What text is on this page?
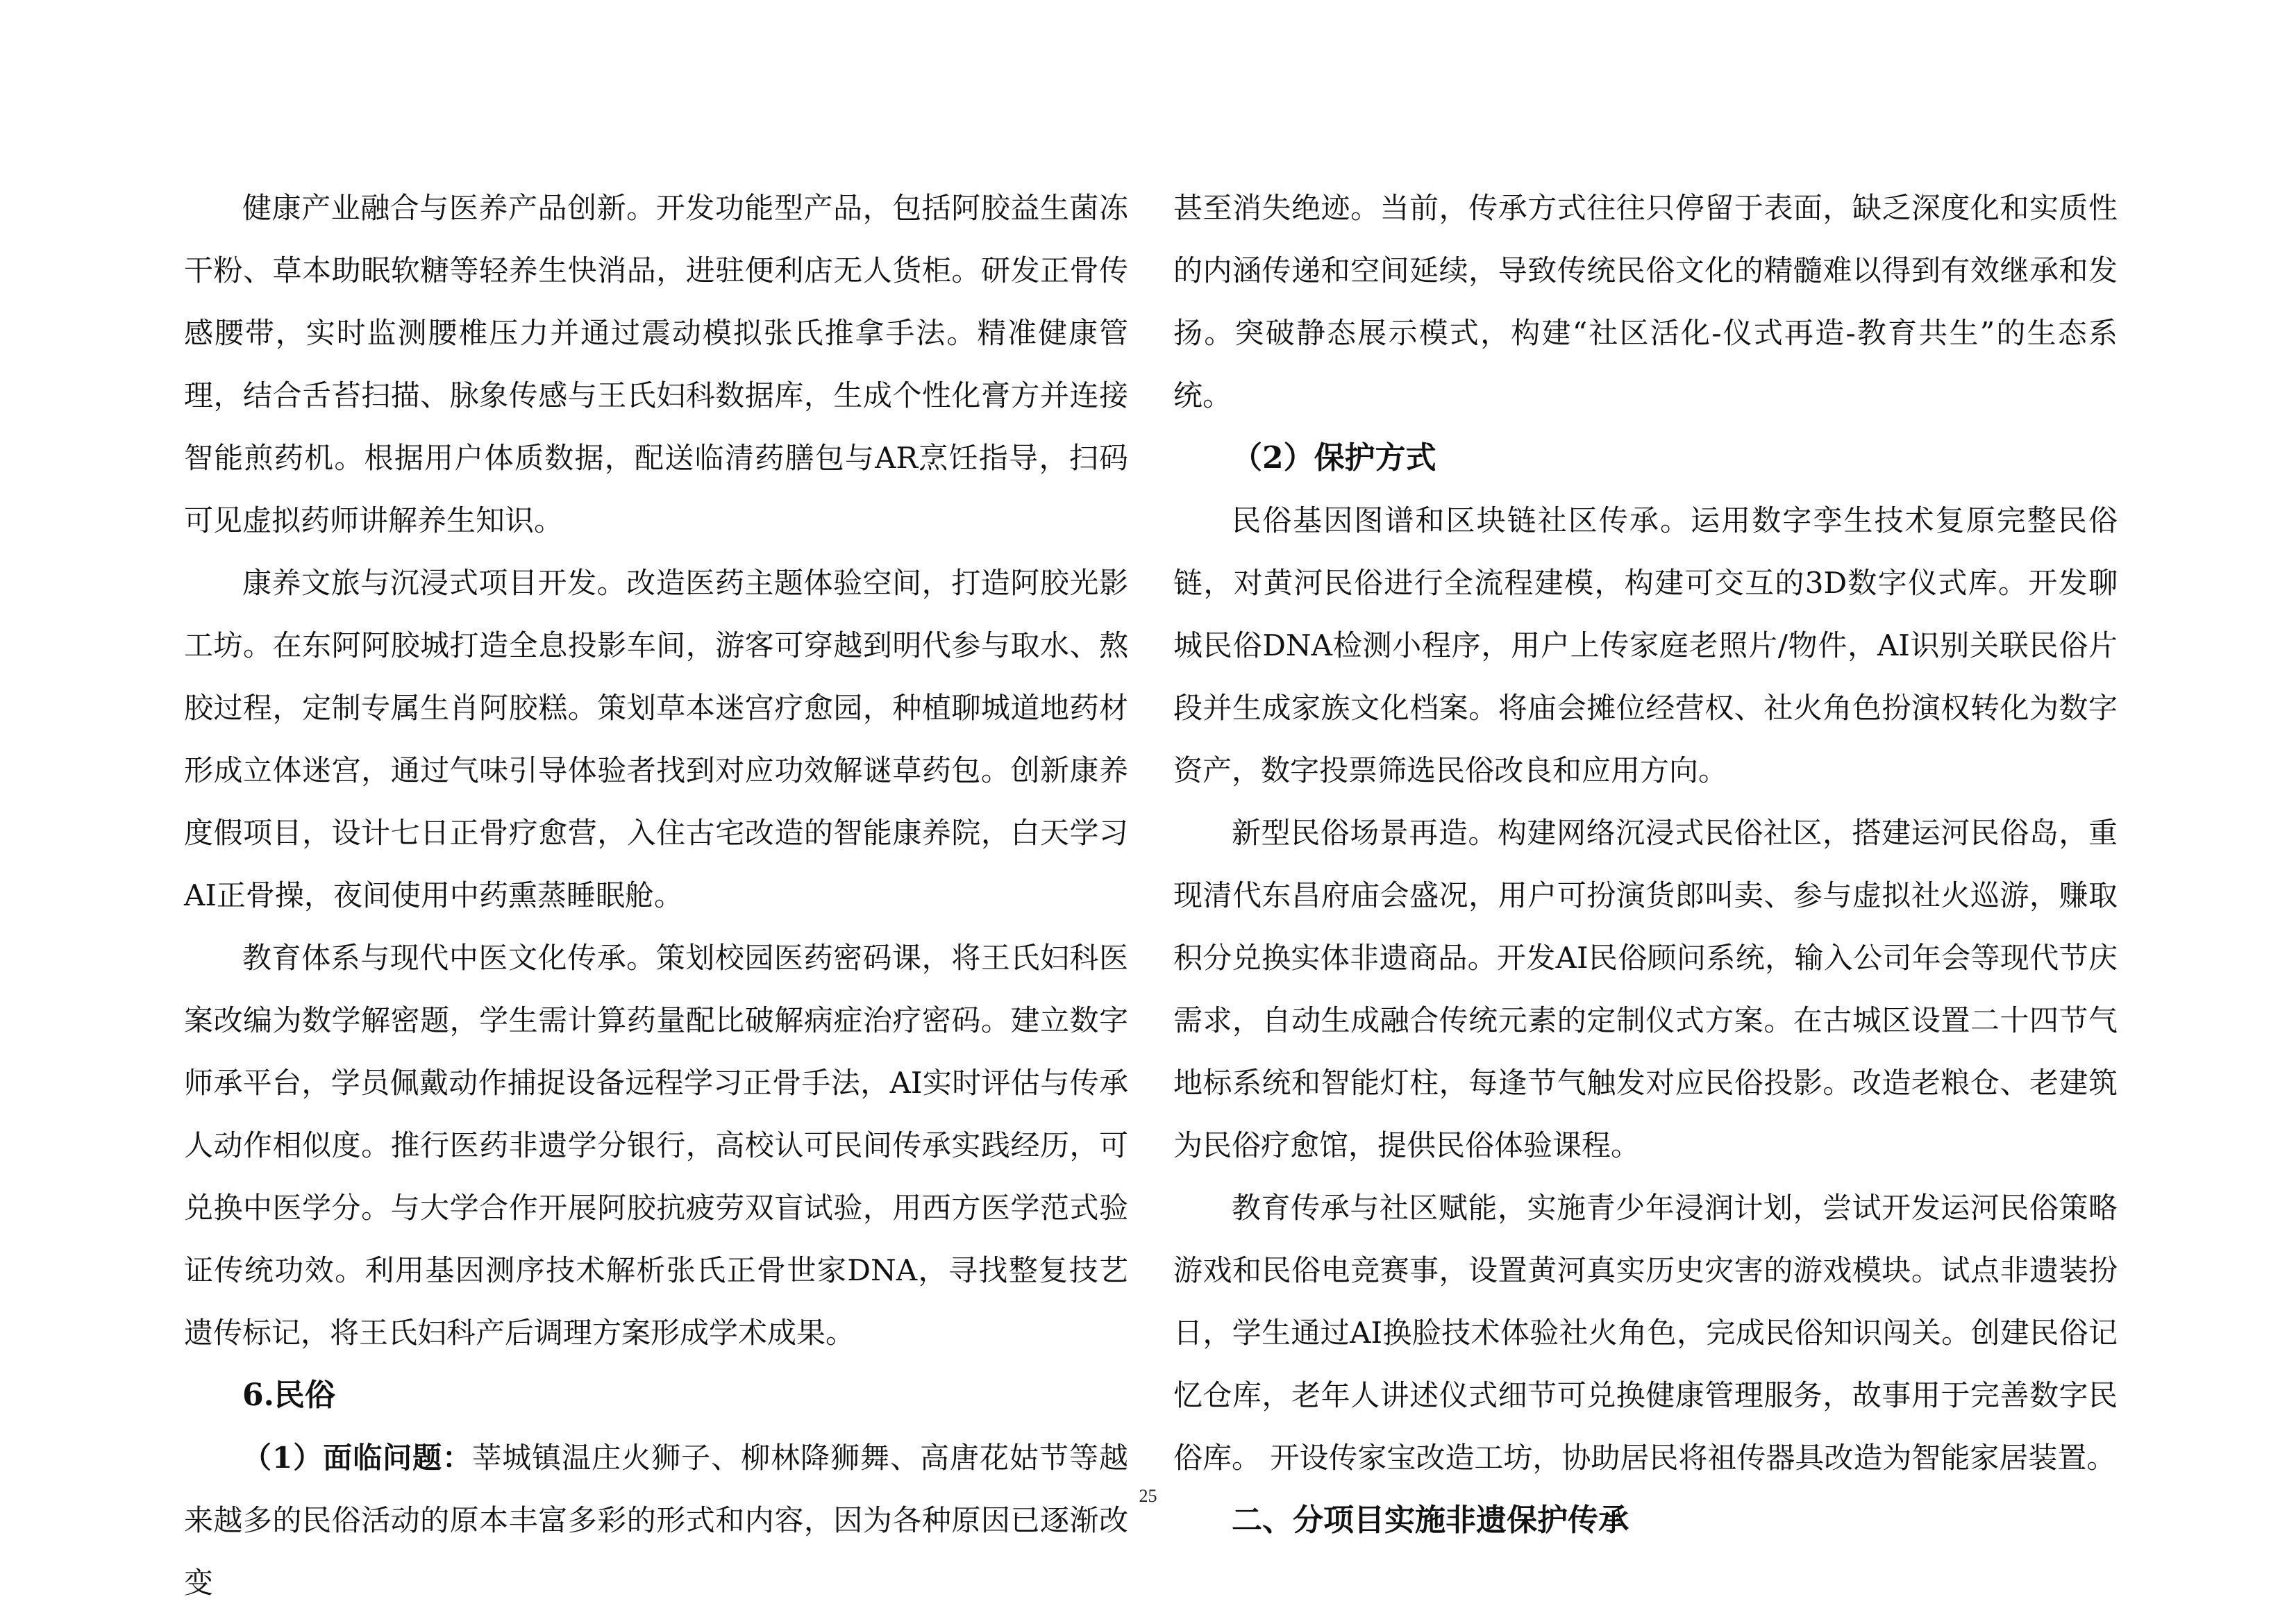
健康产业融合与医养产品创新。开发功能型产品，包括阿胶益生菌冻干粉、草本助眠软糖等轻养生快消品，进驻便利店无人货柜。研发正骨传感腰带，实时监测腰椎压力并通过震动模拟张氏推拿手法。精准健康管理，结合舌苔扫描、脉象传感与王氏妇科数据库，生成个性化膏方并连接智能煎药机。根据用户体质数据，配送临清药膳包与AR烹饪指导，扫码可见虚拟药师讲解养生知识。

康养文旅与沉浸式项目开发。改造医药主题体验空间，打造阿胶光影工坊。在东阿阿胶城打造全息投影车间，游客可穿越到明代参与取水、熬胶过程，定制专属生肖阿胶糕。策划草本迷宫疗愈园，种植聊城道地药材形成立体迷宫，通过气味引导体验者找到对应功效解谜草药包。创新康养度假项目，设计七日正骨疗愈营，入住古宅改造的智能康养院，白天学习AI正骨操，夜间使用中药熏蒸睡眠舱。

教育体系与现代中医文化传承。策划校园医药密码课，将王氏妇科医案改编为数学解密题，学生需计算药量配比破解病症治疗密码。建立数字师承平台，学员佩戴动作捕捉设备远程学习正骨手法，AI实时评估与传承人动作相似度。推行医药非遗学分银行，高校认可民间传承实践经历，可兑换中医学分。与大学合作开展阿胶抗疲劳双盲试验，用西方医学范式验证传统功效。利用基因测序技术解析张氏正骨世家DNA，寻找整复技艺遗传标记，将王氏妇科产后调理方案形成学术成果。

6.民俗

（1）面临问题：莘城镇温庄火狮子、柳林降狮舞、高唐花姑节等越来越多的民俗活动的原本丰富多彩的形式和内容，因为各种原因已逐渐改变

甚至消失绝迹。当前，传承方式往往只停留于表面，缺乏深度化和实质性的内涵传递和空间延续，导致传统民俗文化的精髓难以得到有效继承和发扬。突破静态展示模式，构建“社区活化-仪式再造-教育共生”的生态系统。

（2）保护方式

民俗基因图谱和区块链社区传承。运用数字孪生技术复原完整民俗链，对黄河民俗进行全流程建模，构建可交互的3D数字仪式库。开发聊城民俗DNA检测小程序，用户上传家庭老照片/物件，AI识别关联民俗片段并生成家族文化档案。将庙会摊位经营权、社火角色扮演权转化为数字资产，数字投票筛选民俗改良和应用方向。

新型民俗场景再造。构建网络沉浸式民俗社区，搭建运河民俗岛，重现清代东昌府庙会盛况，用户可扮演货郎叫卖、参与虚拟社火巡游，赚取积分兑换实体非遗商品。开发AI民俗顾问系统，输入公司年会等现代节庆需求，自动生成融合传统元素的定制仪式方案。在古城区设置二十四节气地标系统和智能灯柱，每逢节气触发对应民俗投影。改造老粮仓、老建筑为民俗疗愈馆，提供民俗体验课程。

教育传承与社区赋能，实施青少年浸润计划，尝试开发运河民俗策略游戏和民俗电竞赛事，设置黄河真实历史灾害的游戏模块。试点非遗装扮日，学生通过AI换脸技术体验社火角色，完成民俗知识闯关。创建民俗记忆仓库，老年人讲述仪式细节可兑换健康管理服务，故事用于完善数字民俗库。 开设传家宝改造工坊，协助居民将祖传器具改造为智能家居装置。

二、分项目实施非遗保护传承

25
